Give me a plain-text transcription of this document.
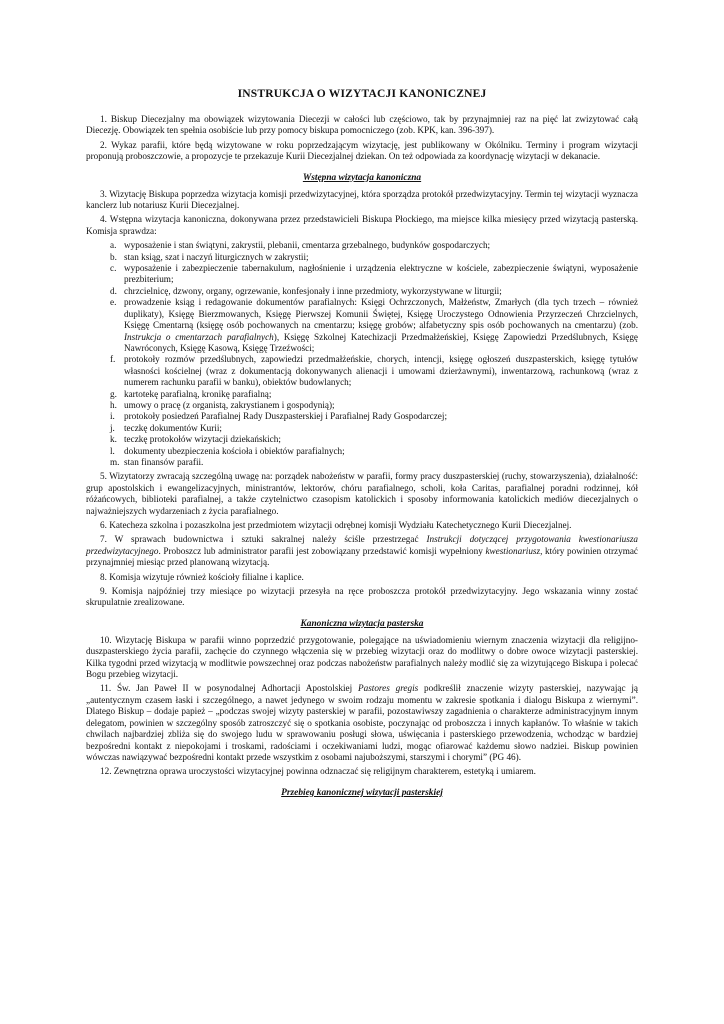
INSTRUKCJA O WIZYTACJI KANONICZNEJ

1. Biskup Diecezjalny ma obowiązek wizytowania Diecezji w całości lub częściowo, tak by przynajmniej raz na pięć lat zwizytować całą Diecezję. Obowiązek ten spełnia osobiście lub przy pomocy biskupa pomocniczego (zob. KPK, kan. 396-397).

2. Wykaz parafii, które będą wizytowane w roku poprzedzającym wizytację, jest publikowany w Okólniku. Terminy i program wizytacji proponują proboszczowie, a propozycje te przekazuje Kurii Diecezjalnej dziekan. On też odpowiada za koordynację wizytacji w dekanacie.

Wstępna wizytacja kanoniczna

3. Wizytację Biskupa poprzedza wizytacja komisji przedwizytacyjnej, która sporządza protokół przedwizytacyjny. Termin tej wizytacji wyznacza kanclerz lub notariusz Kurii Diecezjalnej.

4. Wstępna wizytacja kanoniczna, dokonywana przez przedstawicieli Biskupa Płockiego, ma miejsce kilka miesięcy przed wizytacją pasterską. Komisja sprawdza:

a. wyposażenie i stan świątyni, zakrystii, plebanii, cmentarza grzebalnego, budynków gospodarczych;
b. stan ksiąg, szat i naczyń liturgicznych w zakrystii;
c. wyposażenie i zabezpieczenie tabernakulum, nagłośnienie i urządzenia elektryczne w kościele, zabezpieczenie świątyni, wyposażenie prezbiterium;
d. chrzcielnicę, dzwony, organy, ogrzewanie, konfesjonały i inne przedmioty, wykorzystywane w liturgii;
e. prowadzenie ksiąg i redagowanie dokumentów parafialnych: Księgi Ochrzczonych, Małżeństw, Zmarłych (dla tych trzech – również duplikaty), Księgę Bierzmowanych, Księgę Pierwszej Komunii Świętej, Księgę Uroczystego Odnowienia Przyrzeczeń Chrzcielnych, Księgę Cmentarną (księgę osób pochowanych na cmentarzu; księgę grobów; alfabetyczny spis osób pochowanych na cmentarzu) (zob. Instrukcja o cmentarzach parafialnych), Księgę Szkolnej Katechizacji Przedmałżeńskiej, Księgę Zapowiedzi Przedślubnych, Księgę Nawróconych, Księgę Kasową, Księgę Trzeźwości;
f. protokoły rozmów przedślubnych, zapowiedzi przedmałżeńskie, chorych, intencji, księgę ogłoszeń duszpasterskich, księgę tytułów własności kościelnej (wraz z dokumentacją dokonywanych alienacji i umowami dzierżawnymi), inwentarzową, rachunkową (wraz z numerem rachunku parafii w banku), obiektów budowlanych;
g. kartotekę parafialną, kronikę parafialną;
h. umowy o pracę (z organistą, zakrystianem i gospodynią);
i. protokoły posiedzeń Parafialnej Rady Duszpasterskiej i Parafialnej Rady Gospodarczej;
j. teczkę dokumentów Kurii;
k. teczkę protokołów wizytacji dziekańskich;
l. dokumenty ubezpieczenia kościoła i obiektów parafialnych;
m. stan finansów parafii.

5. Wizytatorzy zwracają szczególną uwagę na: porządek nabożeństw w parafii, formy pracy duszpasterskiej (ruchy, stowarzyszenia), działalność: grup apostolskich i ewangelizacyjnych, ministrantów, lektorów, chóru parafialnego, scholi, koła Caritas, parafialnej poradni rodzinnej, kół różańcowych, biblioteki parafialnej, a także czytelnictwo czasopism katolickich i sposoby informowania katolickich mediów diecezjalnych o najważniejszych wydarzeniach z życia parafialnego.

6. Katecheza szkolna i pozaszkolna jest przedmiotem wizytacji odrębnej komisji Wydziału Katechetycznego Kurii Diecezjalnej.

7. W sprawach budownictwa i sztuki sakralnej należy ściśle przestrzegać Instrukcji dotyczącej przygotowania kwestionariusza przedwizytacyjnego. Proboszcz lub administrator parafii jest zobowiązany przedstawić komisji wypełniony kwestionariusz, który powinien otrzymać przynajmniej miesiąc przed planowaną wizytacją.

8. Komisja wizytuje również kościoły filialne i kaplice.

9. Komisja najpóźniej trzy miesiące po wizytacji przesyła na ręce proboszcza protokół przedwizytacyjny. Jego wskazania winny zostać skrupulatnie zrealizowane.

Kanoniczna wizytacja pasterska

10. Wizytację Biskupa w parafii winno poprzedzić przygotowanie, polegające na uświadomieniu wiernym znaczenia wizytacji dla religijno-duszpasterskiego życia parafii, zachęcie do czynnego włączenia się w przebieg wizytacji oraz do modlitwy o dobre owoce wizytacji pasterskiej. Kilka tygodni przed wizytacją w modlitwie powszechnej oraz podczas nabożeństw parafialnych należy modlić się za wizytującego Biskupa i polecać Bogu przebieg wizytacji.

11. Św. Jan Paweł II w posynodalnej Adhortacji Apostolskiej Pastores gregis podkreślił znaczenie wizyty pasterskiej, nazywając ją „autentycznym czasem łaski i szczególnego, a nawet jedynego w swoim rodzaju momentu w zakresie spotkania i dialogu Biskupa z wiernymi”. Dlatego Biskup – dodaje papież – „podczas swojej wizyty pasterskiej w parafii, pozostawiwszy zagadnienia o charakterze administracyjnym innym delegatom, powinien w szczególny sposób zatroszczyć się o spotkania osobiste, poczynając od proboszcza i innych kapłanów. To właśnie w takich chwilach najbardziej zbliża się do swojego ludu w sprawowaniu posługi słowa, uświęcania i pasterskiego przewodzenia, wchodząc w bardziej bezpośredni kontakt z niepokojami i troskami, radościami i oczekiwaniami ludzi, mogąc ofiarować każdemu słowo nadziei. Biskup powinien wówczas nawiązywać bezpośredni kontakt przede wszystkim z osobami najuboższymi, starszymi i chorymi” (PG 46).

12. Zewnętrzna oprawa uroczystości wizytacyjnej powinna odznaczać się religijnym charakterem, estetyką i umiarem.

Przebieg kanonicznej wizytacji pasterskiej
